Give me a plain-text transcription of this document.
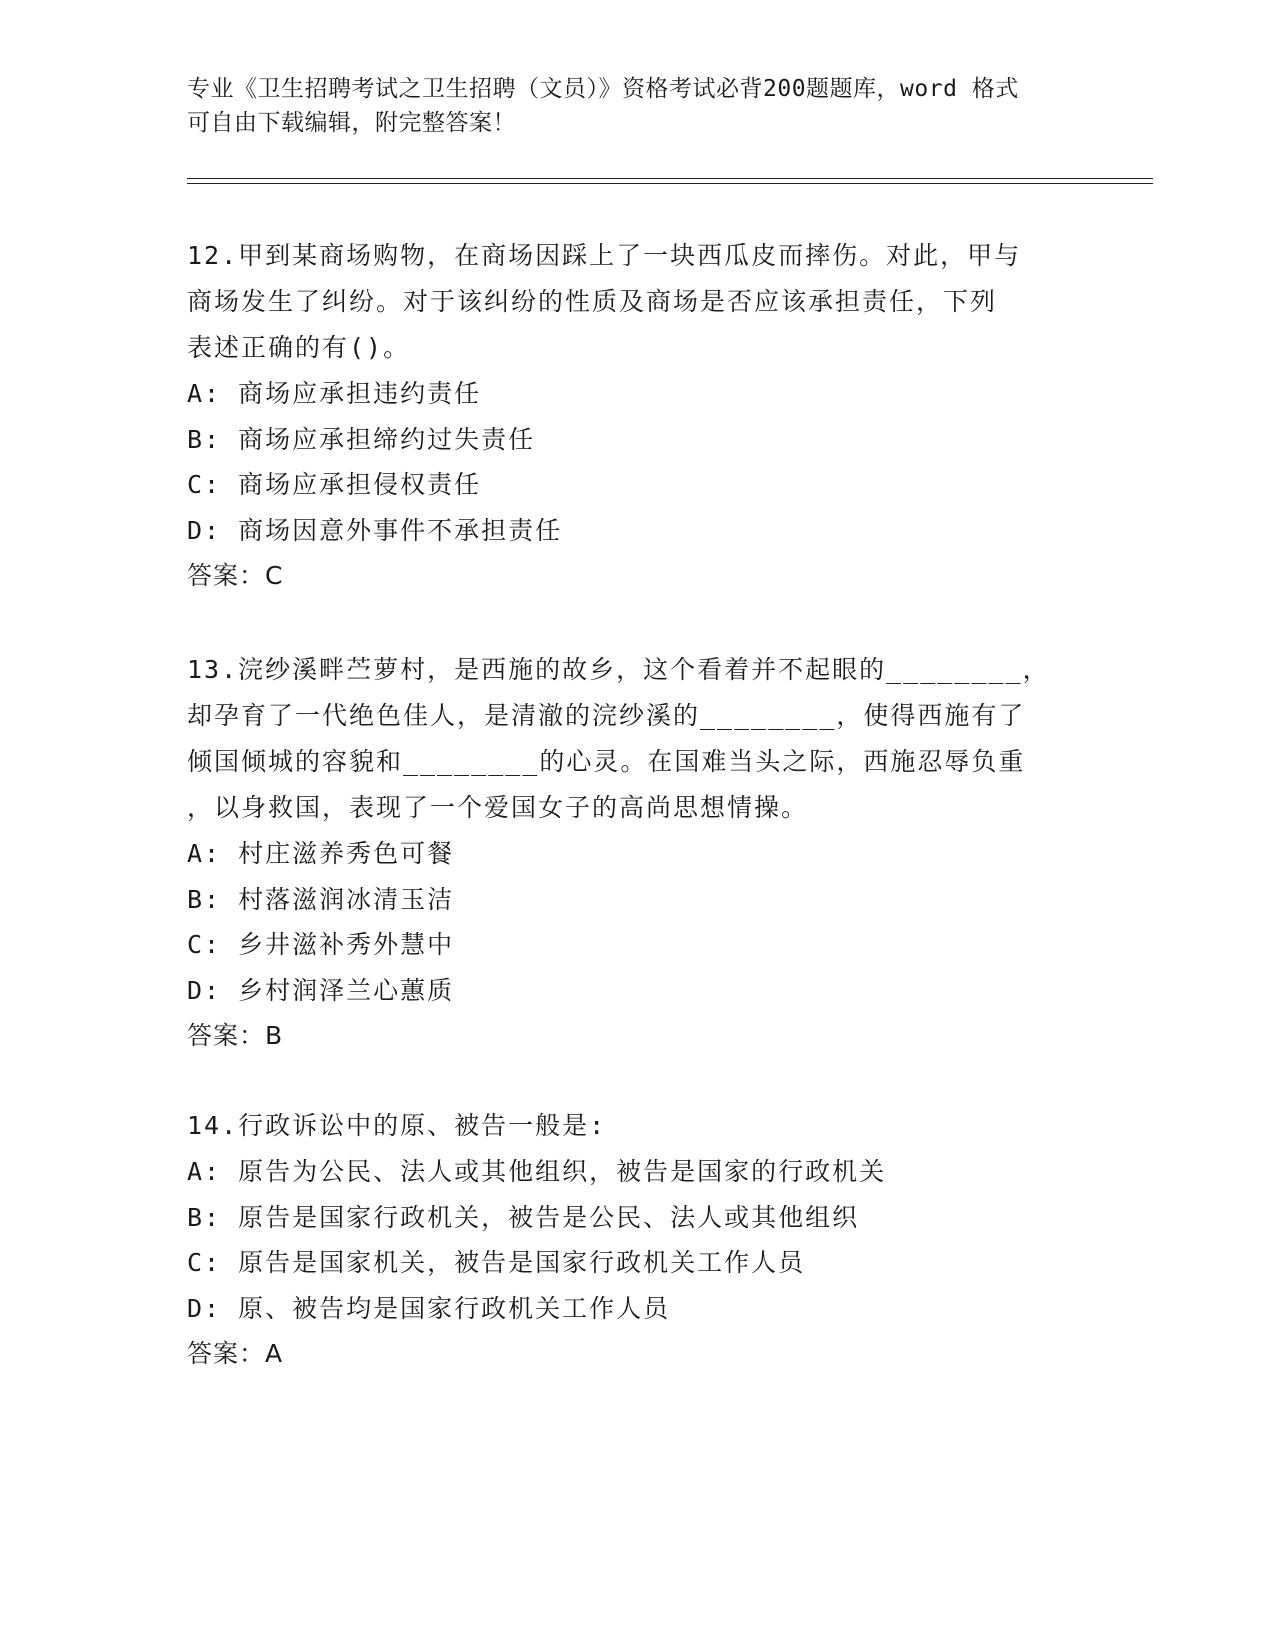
专业《卫生招聘考试之卫生招聘（文员）》资格考试必背200题题库，word 格式
可自由下载编辑，附完整答案！

12.甲到某商场购物，在商场因踩上了一块西瓜皮而摔伤。对此，甲与

商场发生了纠纷。对于该纠纷的性质及商场是否应该承担责任，下列

表述正确的有()。

A: 商场应承担违约责任

B: 商场应承担缔约过失责任

C: 商场应承担侵权责任

D: 商场因意外事件不承担责任

答案：C

13.浣纱溪畔苎萝村，是西施的故乡，这个看着并不起眼的________，

却孕育了一代绝色佳人，是清澈的浣纱溪的________，使得西施有了

倾国倾城的容貌和________的心灵。在国难当头之际，西施忍辱负重

，以身救国，表现了一个爱国女子的高尚思想情操。

A: 村庄滋养秀色可餐

B: 村落滋润冰清玉洁

C: 乡井滋补秀外慧中

D: 乡村润泽兰心蕙质

答案：B

14.行政诉讼中的原、被告一般是:

A: 原告为公民、法人或其他组织，被告是国家的行政机关

B: 原告是国家行政机关，被告是公民、法人或其他组织

C: 原告是国家机关，被告是国家行政机关工作人员

D: 原、被告均是国家行政机关工作人员

答案：A
